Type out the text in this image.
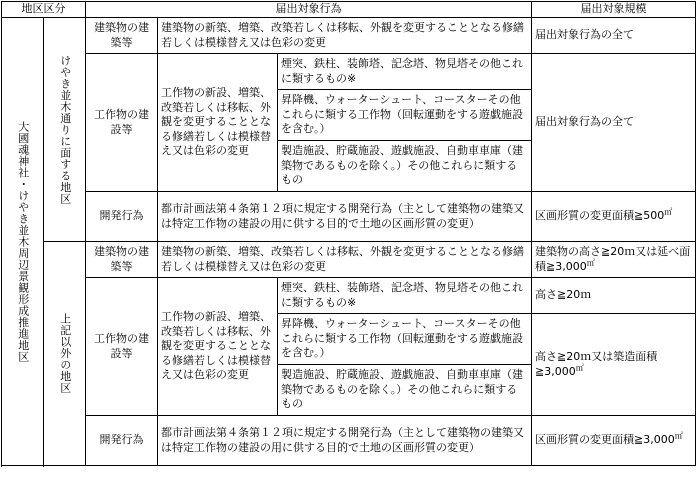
地区区分		届出対象行為			届出対象規模
大國魂神社・けやき並木周辺景観形成推進地区	けやき並木通りに面する地区	建築物の建築等	建築物の新築、増築、改築若しくは移転、外観を変更することとなる修繕若しくは模様替え又は色彩の変更		届出対象行為の全て
		工作物の建設等	工作物の新設、増築、改築若しくは移転、外観を変更することとなる修繕若しくは模様替え又は色彩の変更	煙突、鉄柱、装飾塔、記念塔、物見塔その他これに類するもの※	届出対象行為の全て
				昇降機、ウォーターシュート、コースターその他これらに類する工作物（回転運動をする遊戯施設を含む。）	
				製造施設、貯蔵施設、遊戯施設、自動車車庫（建築物であるものを除く。）その他これらに類するもの	
		開発行為	都市計画法第４条第１２項に規定する開発行為（主として建築物の建築又は特定工作物の建設の用に供する目的で土地の区画形質の変更）		区画形質の変更面積≧500㎡

	上記以外の地区	建築物の建築等	建築物の新築、増築、改築若しくは移転、外観を変更することとなる修繕若しくは模様替え又は色彩の変更		建築物の高さ≧20ｍ又は延べ面積≧3,000㎡
		工作物の建設等	工作物の新設、増築、改築若しくは移転、外観を変更することとなる修繕若しくは模様替え又は色彩の変更	煙突、鉄柱、装飾塔、記念塔、物見塔その他これに類するもの※	高さ≧20ｍ
				昇降機、ウォーターシュート、コースターその他これらに類する工作物（回転運動をする遊戯施設を含む。）	高さ≧20ｍ又は築造面積≧3,000㎡
				製造施設、貯蔵施設、遊戯施設、自動車車庫（建築物であるものを除く。）その他これらに類するもの	
		開発行為	都市計画法第４条第１２項に規定する開発行為（主として建築物の建築又は特定工作物の建設の用に供する目的で土地の区画形質の変更）		区画形質の変更面積≧3,000㎡
